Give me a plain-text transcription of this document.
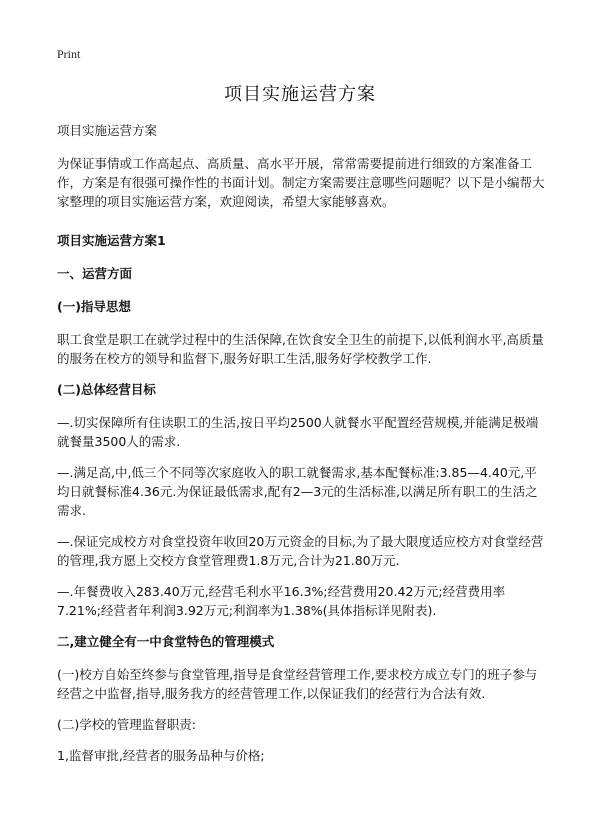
Print
项目实施运营方案

项目实施运营方案

为保证事情或工作高起点、高质量、高水平开展，常常需要提前进行细致的方案准备工作，方案是有很强可操作性的书面计划。制定方案需要注意哪些问题呢？以下是小编帮大家整理的项目实施运营方案，欢迎阅读，希望大家能够喜欢。

项目实施运营方案1

一、运营方面

(一)指导思想

职工食堂是职工在就学过程中的生活保障,在饮食安全卫生的前提下,以低利润水平,高质量的服务在校方的领导和监督下,服务好职工生活,服务好学校教学工作.

(二)总体经营目标

—.切实保障所有住读职工的生活,按日平均2500人就餐水平配置经营规模,并能满足极端就餐量3500人的需求.

—.满足高,中,低三个不同等次家庭收入的职工就餐需求,基本配餐标准:3.85—4.40元,平均日就餐标准4.36元.为保证最低需求,配有2—3元的生活标准,以满足所有职工的生活之需求.

—.保证完成校方对食堂投资年收回20万元资金的目标,为了最大限度适应校方对食堂经营的管理,我方愿上交校方食堂管理费1.8万元,合计为21.80万元.

—.年餐费收入283.40万元,经营毛利水平16.3%;经营费用20.42万元;经营费用率7.21%;经营者年利润3.92万元;利润率为1.38%(具体指标详见附表).

二,建立健全有一中食堂特色的管理模式

(一)校方自始至终参与食堂管理,指导是食堂经营管理工作,要求校方成立专门的班子参与经营之中监督,指导,服务我方的经营管理工作,以保证我们的经营行为合法有效.

(二)学校的管理监督职责:

1,监督审批,经营者的服务品种与价格;
